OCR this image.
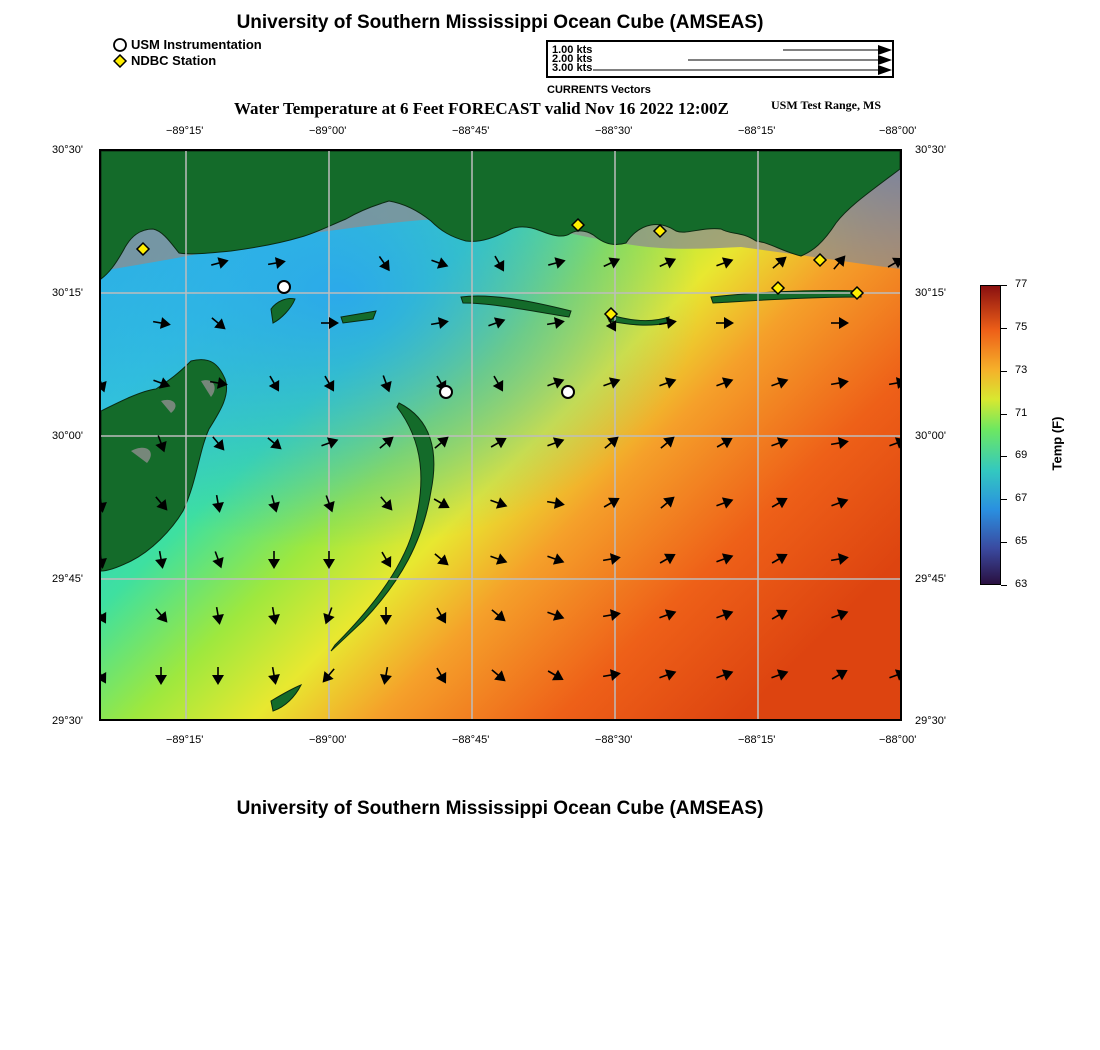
University of Southern Mississippi Ocean Cube (AMSEAS)
USM Instrumentation
NDBC Station
1.00 kts
2.00 kts
3.00 kts
CURRENTS Vectors
Water Temperature at 6 Feet FORECAST valid Nov 16 2022 12:00Z	USM Test Range, MS
−89°15'	−89°00'	−88°45'	−88°30'	−88°15'	−88°00'
−89°15'	−89°00'	−88°45'	−88°30'	−88°15'	−88°00'
30°30'
30°15'
30°00'
29°45'
29°30'
30°30'
30°15'
30°00'
29°45'
29°30'
77
75
73
71
69
67
65
63
Temp (F)
University of Southern Mississippi Ocean Cube (AMSEAS)
